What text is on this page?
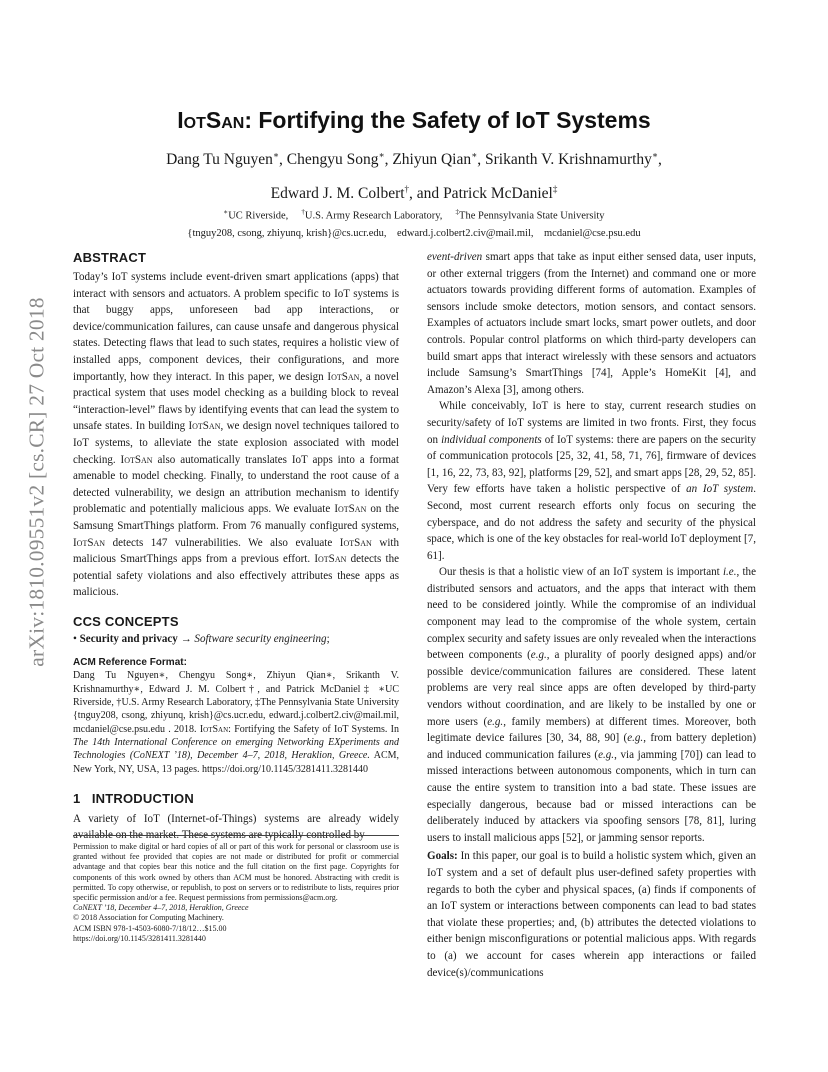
arXiv:1810.09551v2 [cs.CR] 27 Oct 2018
IotSan: Fortifying the Safety of IoT Systems
Dang Tu Nguyen∗, Chengyu Song∗, Zhiyun Qian∗, Srikanth V. Krishnamurthy∗,
Edward J. M. Colbert†, and Patrick McDaniel‡
∗UC Riverside, †U.S. Army Research Laboratory, ‡The Pennsylvania State University
{tnguy208, csong, zhiyunq, krish}@cs.ucr.edu,    edward.j.colbert2.civ@mail.mil,    mcdaniel@cse.psu.edu
ABSTRACT

Today’s IoT systems include event-driven smart applications (apps) that interact with sensors and actuators. A problem specific to IoT systems is that buggy apps, unforeseen bad app interactions, or device/communication failures, can cause unsafe and dangerous physical states. Detecting flaws that lead to such states, requires a holistic view of installed apps, component devices, their configurations, and more importantly, how they interact. In this paper, we design IotSan, a novel practical system that uses model checking as a building block to reveal “interaction-level” flaws by identifying events that can lead the system to unsafe states. In building IotSan, we design novel techniques tailored to IoT systems, to alleviate the state explosion associated with model checking. IotSan also automatically translates IoT apps into a format amenable to model checking. Finally, to understand the root cause of a detected vulnerability, we design an attribution mechanism to identify problematic and potentially malicious apps. We evaluate IotSan on the Samsung SmartThings platform. From 76 manually configured systems, IotSan detects 147 vulnerabilities. We also evaluate IotSan with malicious SmartThings apps from a previous effort. IotSan detects the potential safety violations and also effectively attributes these apps as malicious.

CCS CONCEPTS

• Security and privacy → Software security engineering;

ACM Reference Format:

Dang Tu Nguyen∗, Chengyu Song∗, Zhiyun Qian∗, Srikanth V. Krishnamurthy∗, Edward J. M. Colbert†, and Patrick McDaniel‡ ∗UC Riverside, †U.S. Army Research Laboratory, ‡The Pennsylvania State University {tnguy208, csong, zhiyunq, krish}@cs.ucr.edu, edward.j.colbert2.civ@mail.mil, mcdaniel@cse.psu.edu . 2018. IotSan: Fortifying the Safety of IoT Systems. In The 14th International Conference on emerging Networking EXperiments and Technologies (CoNEXT ’18), December 4–7, 2018, Heraklion, Greece. ACM, New York, NY, USA, 13 pages. https://doi.org/10.1145/3281411.3281440

1   INTRODUCTION

A variety of IoT (Internet-of-Things) systems are already widely available on the market. These systems are typically controlled by

Permission to make digital or hard copies of all or part of this work for personal or classroom use is granted without fee provided that copies are not made or distributed for profit or commercial advantage and that copies bear this notice and the full citation on the first page. Copyrights for components of this work owned by others than ACM must be honored. Abstracting with credit is permitted. To copy otherwise, or republish, to post on servers or to redistribute to lists, requires prior specific permission and/or a fee. Request permissions from permissions@acm.org.
CoNEXT ’18, December 4–7, 2018, Heraklion, Greece
© 2018 Association for Computing Machinery.
ACM ISBN 978-1-4503-6080-7/18/12…$15.00
https://doi.org/10.1145/3281411.3281440

event-driven smart apps that take as input either sensed data, user inputs, or other external triggers (from the Internet) and command one or more actuators towards providing different forms of automation. Examples of sensors include smoke detectors, motion sensors, and contact sensors. Examples of actuators include smart locks, smart power outlets, and door controls. Popular control platforms on which third-party developers can build smart apps that interact wirelessly with these sensors and actuators include Samsung’s SmartThings [74], Apple’s HomeKit [4], and Amazon’s Alexa [3], among others.

While conceivably, IoT is here to stay, current research studies on security/safety of IoT systems are limited in two fronts. First, they focus on individual components of IoT systems: there are papers on the security of communication protocols [25, 32, 41, 58, 71, 76], firmware of devices [1, 16, 22, 73, 83, 92], platforms [29, 52], and smart apps [28, 29, 52, 85]. Very few efforts have taken a holistic perspective of an IoT system. Second, most current research efforts only focus on securing the cyberspace, and do not address the safety and security of the physical space, which is one of the key obstacles for real-world IoT deployment [7, 61].

Our thesis is that a holistic view of an IoT system is important i.e., the distributed sensors and actuators, and the apps that interact with them need to be considered jointly. While the compromise of an individual component may lead to the compromise of the whole system, certain complex security and safety issues are only revealed when the interactions between components (e.g., a plurality of poorly designed apps) and/or possible device/communication failures are considered. These latent problems are very real since apps are often developed by third-party vendors without coordination, and are likely to be installed by one or more users (e.g., family members) at different times. Moreover, both legitimate device failures [30, 34, 88, 90] (e.g., from battery depletion) and induced communication failures (e.g., via jamming [70]) can lead to missed interactions between autonomous components, which in turn can cause the entire system to transition into a bad state. These issues are especially dangerous, because bad or missed interactions can be deliberately induced by attackers via spoofing sensors [78, 81], luring users to install malicious apps [52], or jamming sensor reports.

Goals: In this paper, our goal is to build a holistic system which, given an IoT system and a set of default plus user-defined safety properties with regards to both the cyber and physical spaces, (a) finds if components of an IoT system or interactions between components can lead to bad states that violate these properties; and, (b) attributes the detected violations to either benign misconfigurations or potential malicious apps. With regards to (a) we account for cases wherein app interactions or failed device(s)/communications
